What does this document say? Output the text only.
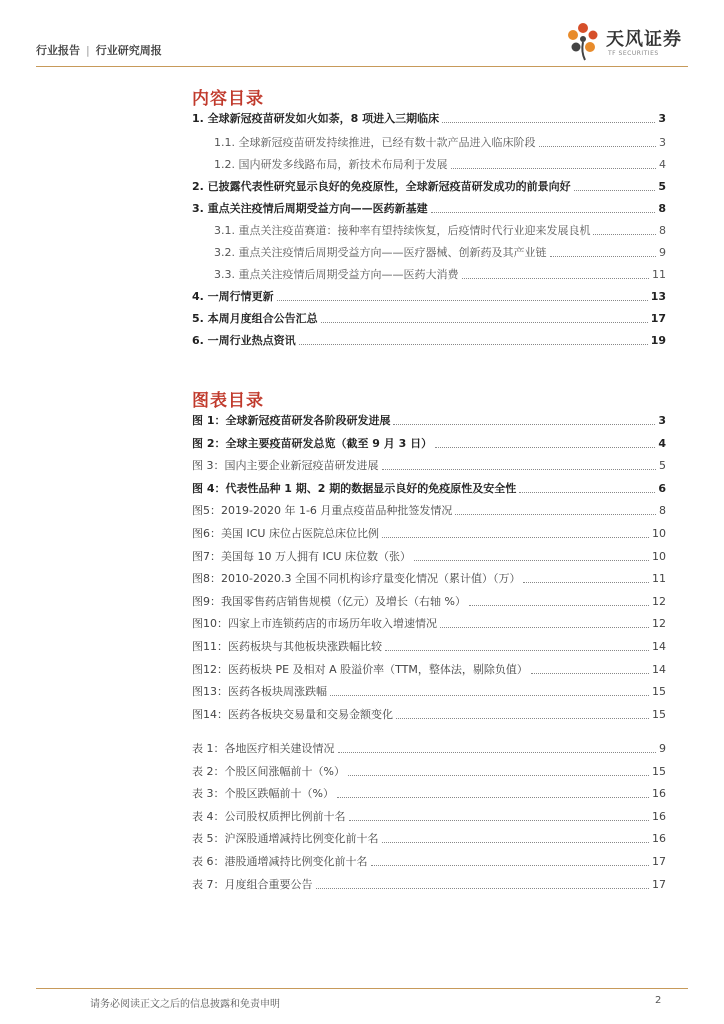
行业报告 | 行业研究周报
天风证券
TF SECURITIES
内容目录
1. 全球新冠疫苗研发如火如荼，8 项进入三期临床	3
1.1. 全球新冠疫苗研发持续推进，已经有数十款产品进入临床阶段	3
1.2. 国内研发多线路布局，新技术布局利于发展	4
2. 已披露代表性研究显示良好的免疫原性，全球新冠疫苗研发成功的前景向好	5
3. 重点关注疫情后周期受益方向——医药新基建	8
3.1. 重点关注疫苗赛道：接种率有望持续恢复，后疫情时代行业迎来发展良机	8
3.2. 重点关注疫情后周期受益方向——医疗器械、创新药及其产业链	9
3.3. 重点关注疫情后周期受益方向——医药大消费	11
4. 一周行情更新	13
5. 本周月度组合公告汇总	17
6. 一周行业热点资讯	19
图表目录
图 1：全球新冠疫苗研发各阶段研发进展	3
图 2：全球主要疫苗研发总览（截至 9 月 3 日）	4
图 3：国内主要企业新冠疫苗研发进展	5
图 4：代表性品种 1 期、2 期的数据显示良好的免疫原性及安全性	6
图5：2019-2020 年 1-6 月重点疫苗品种批签发情况	8
图6：美国 ICU 床位占医院总床位比例	10
图7：美国每 10 万人拥有 ICU 床位数（张）	10
图8：2010-2020.3 全国不同机构诊疗量变化情况（累计值）（万）	11
图9：我国零售药店销售规模（亿元）及增长（右轴 %）	12
图10：四家上市连锁药店的市场历年收入增速情况	12
图11：医药板块与其他板块涨跌幅比较	14
图12：医药板块 PE 及相对 A 股溢价率（TTM，整体法，剔除负值）	14
图13：医药各板块周涨跌幅	15
图14：医药各板块交易量和交易金额变化	15
表 1：各地医疗相关建设情况	9
表 2：个股区间涨幅前十（%）	15
表 3：个股区跌幅前十（%）	16
表 4：公司股权质押比例前十名	16
表 5：沪深股通增减持比例变化前十名	16
表 6：港股通增减持比例变化前十名	17
表 7：月度组合重要公告	17
请务必阅读正文之后的信息披露和免责申明	2
